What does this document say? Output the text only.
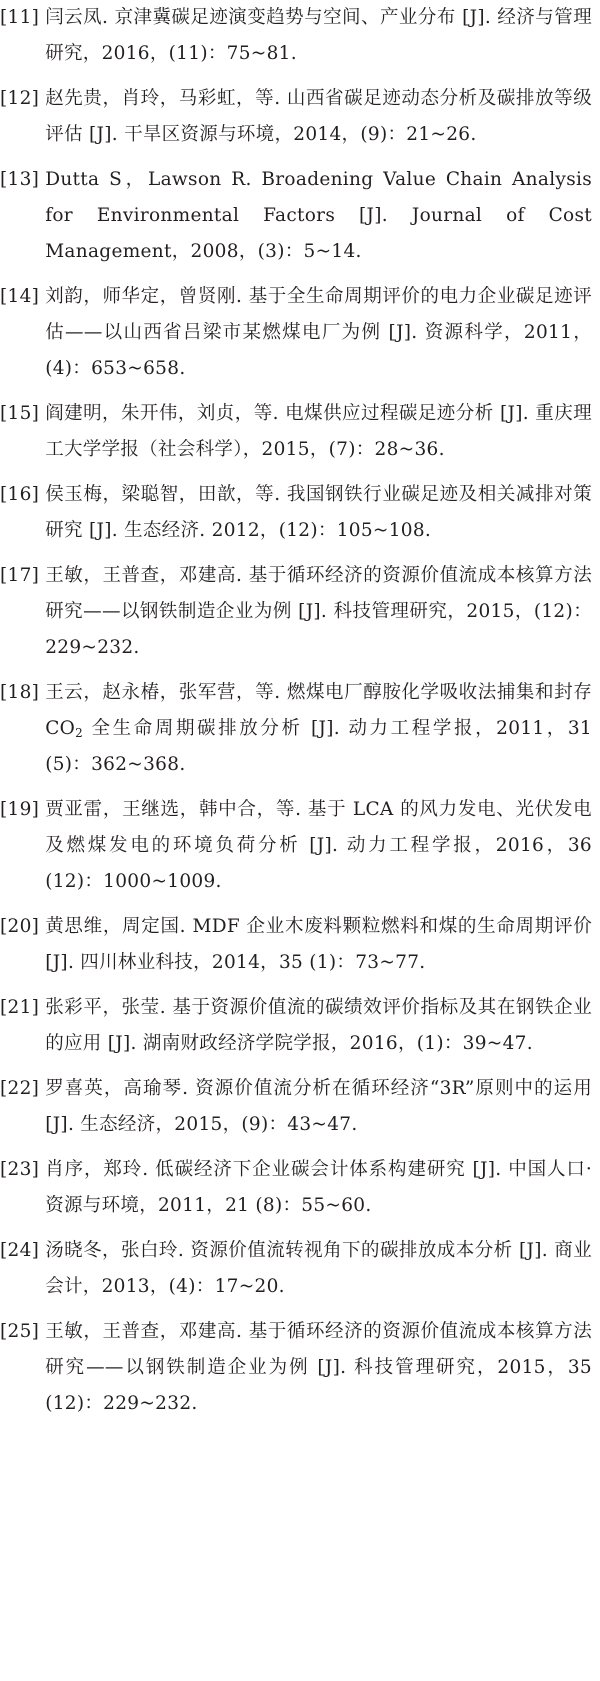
[11] 闫云凤. 京津冀碳足迹演变趋势与空间、产业分布 [J]. 经济与管理研究，2016，(11)：75~81.
[12] 赵先贵，肖玲，马彩虹，等. 山西省碳足迹动态分析及碳排放等级评估 [J]. 干旱区资源与环境，2014，(9)：21~26.
[13] Dutta S，Lawson R. Broadening Value Chain Analysis for Environmental Factors [J]. Journal of Cost Management，2008，(3)：5~14.
[14] 刘韵，师华定，曾贤刚. 基于全生命周期评价的电力企业碳足迹评估——以山西省吕梁市某燃煤电厂为例 [J]. 资源科学，2011，(4)：653~658.
[15] 阎建明，朱开伟，刘贞，等. 电煤供应过程碳足迹分析 [J]. 重庆理工大学学报（社会科学），2015，(7)：28~36.
[16] 侯玉梅，梁聪智，田歆，等. 我国钢铁行业碳足迹及相关减排对策研究 [J]. 生态经济. 2012，(12)：105~108.
[17] 王敏，王普查，邓建高. 基于循环经济的资源价值流成本核算方法研究——以钢铁制造企业为例 [J]. 科技管理研究，2015，(12)：229~232.
[18] 王云，赵永椿，张军营，等. 燃煤电厂醇胺化学吸收法捕集和封存 $CO_2$ 全生命周期碳排放分析 [J]. 动力工程学报，2011，31 (5)：362~368.
[19] 贾亚雷，王继选，韩中合，等. 基于 LCA 的风力发电、光伏发电及燃煤发电的环境负荷分析 [J]. 动力工程学报，2016，36 (12)：1000~1009.
[20] 黄思维，周定国. MDF 企业木废料颗粒燃料和煤的生命周期评价 [J]. 四川林业科技，2014，35 (1)：73~77.
[21] 张彩平，张莹. 基于资源价值流的碳绩效评价指标及其在钢铁企业的应用 [J]. 湖南财政经济学院学报，2016，(1)：39~47.
[22] 罗喜英，高瑜琴. 资源价值流分析在循环经济“3R”原则中的运用 [J]. 生态经济，2015，(9)：43~47.
[23] 肖序，郑玲. 低碳经济下企业碳会计体系构建研究 [J]. 中国人口·资源与环境，2011，21 (8)：55~60.
[24] 汤晓冬，张白玲. 资源价值流转视角下的碳排放成本分析 [J]. 商业会计，2013，(4)：17~20.
[25] 王敏，王普查，邓建高. 基于循环经济的资源价值流成本核算方法研究——以钢铁制造企业为例 [J]. 科技管理研究，2015，35 (12)：229~232.
